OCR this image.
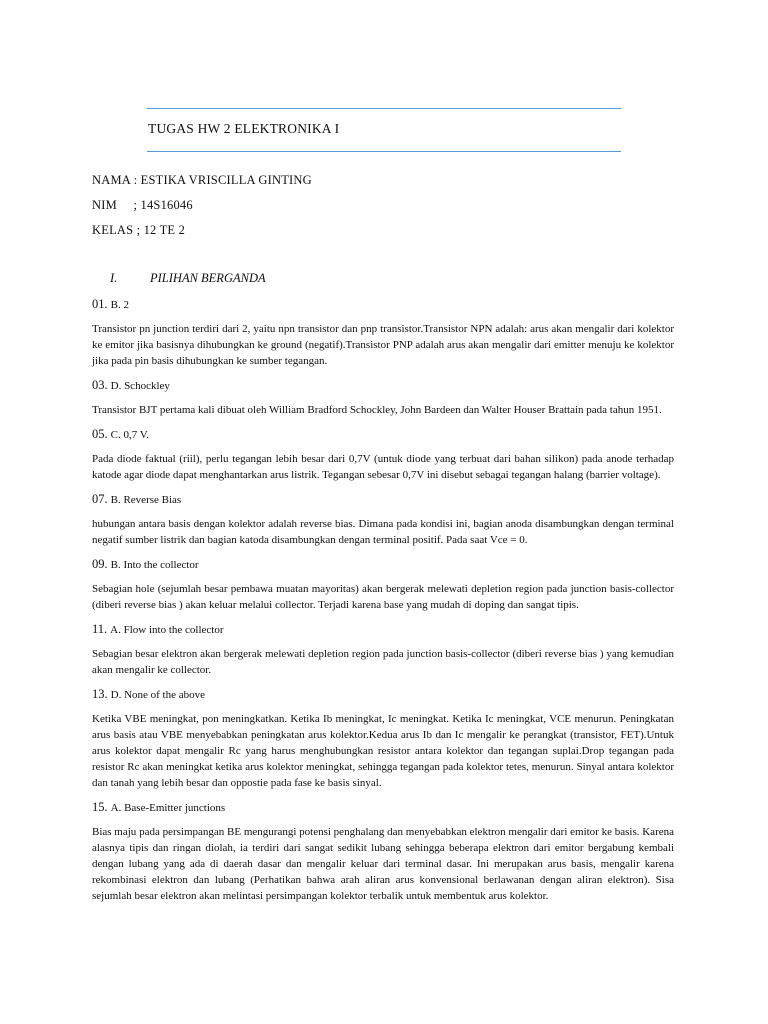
TUGAS HW 2 ELEKTRONIKA I
NAMA : ESTIKA VRISCILLA GINTING
NIM     ; 14S16046
KELAS ; 12 TE 2
I.	PILIHAN BERGANDA
01. B. 2

Transistor pn junction terdiri dari 2, yaitu npn transistor dan pnp transistor.Transistor NPN adalah: arus akan mengalir dari kolektor ke emitor jika basisnya dihubungkan ke ground (negatif).Transistor PNP adalah arus akan mengalir dari emitter menuju ke kolektor jika pada pin basis dihubungkan ke sumber tegangan.

03. D. Schockley

Transistor BJT pertama kali dibuat oleh William Bradford Schockley, John Bardeen dan Walter Houser Brattain pada tahun 1951.

05. C. 0,7 V.

Pada diode faktual (riil), perlu tegangan lebih besar dari 0,7V (untuk diode yang terbuat dari bahan silikon) pada anode terhadap katode agar diode dapat menghantarkan arus listrik. Tegangan sebesar 0,7V ini disebut sebagai tegangan halang (barrier voltage).

07. B. Reverse Bias

hubungan antara basis dengan kolektor adalah reverse bias. Dimana pada kondisi ini, bagian anoda disambungkan dengan terminal negatif sumber listrik dan bagian katoda disambungkan dengan terminal positif. Pada saat Vce = 0.

09. B. Into the collector

Sebagian hole (sejumlah besar pembawa muatan mayoritas) akan bergerak melewati depletion region pada junction basis-collector (diberi reverse bias ) akan keluar melalui collector. Terjadi karena base yang mudah di doping dan sangat tipis.

11. A. Flow into the collector

Sebagian besar elektron akan bergerak melewati depletion region pada junction basis-collector (diberi reverse bias ) yang kemudian akan mengalir ke collector.

13. D. None of the above

Ketika VBE meningkat, pon meningkatkan. Ketika Ib meningkat, Ic meningkat. Ketika Ic meningkat, VCE menurun. Peningkatan arus basis atau VBE menyebabkan peningkatan arus kolektor.Kedua arus Ib dan Ic mengalir ke perangkat (transistor, FET).Untuk arus kolektor dapat mengalir Rc yang harus menghubungkan resistor antara kolektor dan tegangan suplai.Drop tegangan pada resistor Rc akan meningkat ketika arus kolektor meningkat, sehingga tegangan pada kolektor tetes, menurun. Sinyal antara kolektor dan tanah yang lebih besar dan oppostie pada fase ke basis sinyal.

15. A. Base-Emitter junctions

Bias maju pada persimpangan BE mengurangi potensi penghalang dan menyebabkan elektron mengalir dari emitor ke basis. Karena alasnya tipis dan ringan diolah, ia terdiri dari sangat sedikit lubang sehingga beberapa elektron dari emitor bergabung kembali dengan lubang yang ada di daerah dasar dan mengalir keluar dari terminal dasar. Ini merupakan arus basis, mengalir karena rekombinasi elektron dan lubang (Perhatikan bahwa arah aliran arus konvensional berlawanan dengan aliran elektron). Sisa sejumlah besar elektron akan melintasi persimpangan kolektor terbalik untuk membentuk arus kolektor.
